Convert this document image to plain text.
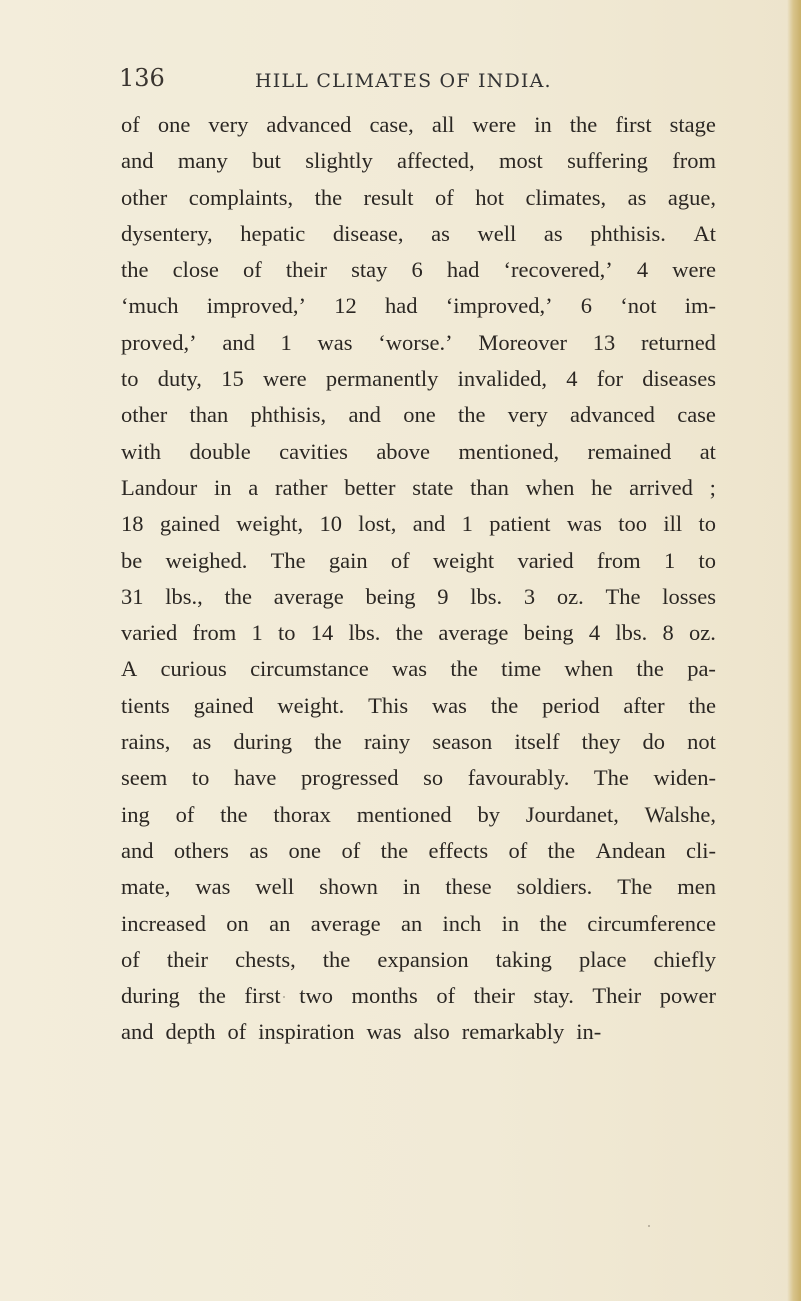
136	HILL CLIMATES OF INDIA.
of one very advanced case, all were in the first stage
and many but slightly affected, most suffering from
other complaints, the result of hot climates, as ague,
dysentery, hepatic disease, as well as phthisis. At
the close of their stay 6 had ‘recovered,’ 4 were
‘much improved,’ 12 had ‘improved,’ 6 ‘not im-
proved,’ and 1 was ‘worse.’ Moreover 13 returned
to duty, 15 were permanently invalided, 4 for diseases
other than phthisis, and one the very advanced case
with double cavities above mentioned, remained at
Landour in a rather better state than when he arrived ;
18 gained weight, 10 lost, and 1 patient was too ill to
be weighed. The gain of weight varied from 1 to
31 lbs., the average being 9 lbs. 3 oz. The losses
varied from 1 to 14 lbs. the average being 4 lbs. 8 oz.
A curious circumstance was the time when the pa-
tients gained weight. This was the period after the
rains, as during the rainy season itself they do not
seem to have progressed so favourably. The widen-
ing of the thorax mentioned by Jourdanet, Walshe,
and others as one of the effects of the Andean cli-
mate, was well shown in these soldiers. The men
increased on an average an inch in the circumference
of their chests, the expansion taking place chiefly
during the first two months of their stay. Their power
and depth of inspiration was also remarkably in-
